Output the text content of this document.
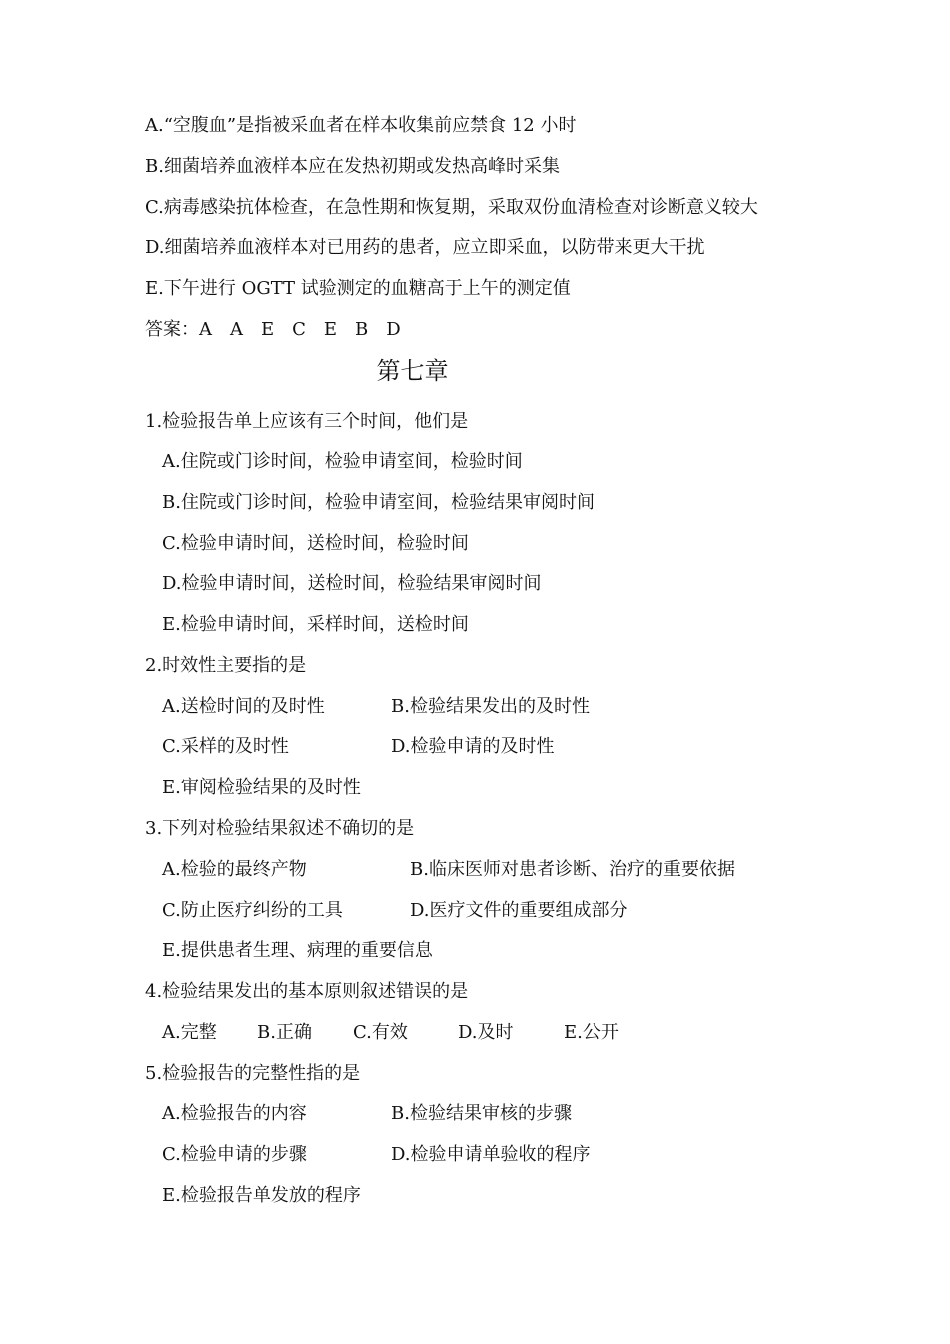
A.“空腹血”是指被采血者在样本收集前应禁食 12 小时
B.细菌培养血液样本应在发热初期或发热高峰时采集
C.病毒感染抗体检查，在急性期和恢复期，采取双份血清检查对诊断意义较大
D.细菌培养血液样本对已用药的患者，应立即采血，以防带来更大干扰
E.下午进行 OGTT 试验测定的血糖高于上午的测定值
答案：A　A　E　C　E　B　D
第七章
1.检验报告单上应该有三个时间，他们是
A.住院或门诊时间，检验申请室间，检验时间
B.住院或门诊时间，检验申请室间，检验结果审阅时间
C.检验申请时间，送检时间，检验时间
D.检验申请时间，送检时间，检验结果审阅时间
E.检验申请时间，采样时间，送检时间
2.时效性主要指的是
A.送检时间的及时性	B.检验结果发出的及时性
C.采样的及时性	D.检验申请的及时性
E.审阅检验结果的及时性
3.下列对检验结果叙述不确切的是
A.检验的最终产物	B.临床医师对患者诊断、治疗的重要依据
C.防止医疗纠纷的工具	D.医疗文件的重要组成部分
E.提供患者生理、病理的重要信息
4.检验结果发出的基本原则叙述错误的是
A.完整 B.正确 C.有效	D.及时	E.公开
5.检验报告的完整性指的是
A.检验报告的内容	B.检验结果审核的步骤
C.检验申请的步骤	D.检验申请单验收的程序
E.检验报告单发放的程序
